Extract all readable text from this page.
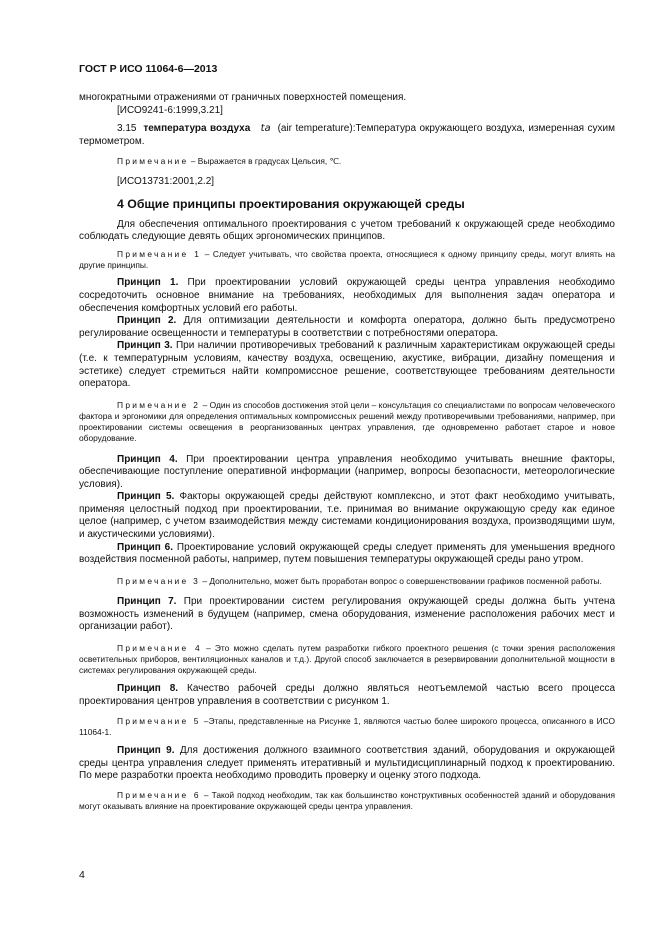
ГОСТ Р ИСО 11064-6—2013

многократными отражениями от граничных поверхностей помещения.

[ИСО9241-6:1999,3.21]

3.15 температура воздуха ta (air temperature):Температура окружающего воздуха, измеренная сухим термометром.

Примечание – Выражается в градусах Цельсия, ℃.

[ИСО13731:2001,2.2]

4 Общие принципы проектирования окружающей среды

Для обеспечения оптимального проектирования с учетом требований к окружающей среде необходимо соблюдать следующие девять общих эргономических принципов.

Примечание 1 – Следует учитывать, что свойства проекта, относящиеся к одному принципу среды, могут влиять на другие принципы.

Принцип 1. При проектировании условий окружающей среды центра управления необходимо сосредоточить основное внимание на требованиях, необходимых для выполнения задач оператора и обеспечения комфортных условий его работы.

Принцип 2. Для оптимизации деятельности и комфорта оператора, должно быть предусмотрено регулирование освещенности и температуры в соответствии с потребностями оператора.

Принцип 3. При наличии противоречивых требований к различным характеристикам окружающей среды (т.е. к температурным условиям, качеству воздуха, освещению, акустике, вибрации, дизайну помещения и эстетике) следует стремиться найти компромиссное решение, соответствующее требованиям деятельности оператора.

Примечание 2 – Один из способов достижения этой цели – консультация со специалистами по вопросам человеческого фактора и эргономики для определения оптимальных компромиссных решений между противоречивыми требованиями, например, при проектировании системы освещения в реорганизованных центрах управления, где одновременно работает старое и новое оборудование.

Принцип 4. При проектировании центра управления необходимо учитывать внешние факторы, обеспечивающие поступление оперативной информации (например, вопросы безопасности, метеорологические условия).

Принцип 5. Факторы окружающей среды действуют комплексно, и этот факт необходимо учитывать, применяя целостный подход при проектировании, т.е. принимая во внимание окружающую среду как единое целое (например, с учетом взаимодействия между системами кондиционирования воздуха, производящими шум, и акустическими условиями).

Принцип 6. Проектирование условий окружающей среды следует применять для уменьшения вредного воздействия посменной работы, например, путем повышения температуры окружающей среды рано утром.

Примечание 3 – Дополнительно, может быть проработан вопрос о совершенствовании графиков посменной работы.

Принцип 7. При проектировании систем регулирования окружающей среды должна быть учтена возможность изменений в будущем (например, смена оборудования, изменение расположения рабочих мест и организации работ).

Примечание 4 – Это можно сделать путем разработки гибкого проектного решения (с точки зрения расположения осветительных приборов, вентиляционных каналов и т.д.). Другой способ заключается в резервировании дополнительной мощности в системах регулирования окружающей среды.

Принцип 8. Качество рабочей среды должно являться неотъемлемой частью всего процесса проектирования центров управления в соответствии с рисунком 1.

Примечание 5 –Этапы, представленные на Рисунке 1, являются частью более широкого процесса, описанного в ИСО 11064-1.

Принцип 9. Для достижения должного взаимного соответствия зданий, оборудования и окружающей среды центра управления следует применять итеративный и мультидисциплинарный подход к проектированию. По мере разработки проекта необходимо проводить проверку и оценку этого подхода.

Примечание 6 – Такой подход необходим, так как большинство конструктивных особенностей зданий и оборудования могут оказывать влияние на проектирование окружающей среды центра управления.

4
